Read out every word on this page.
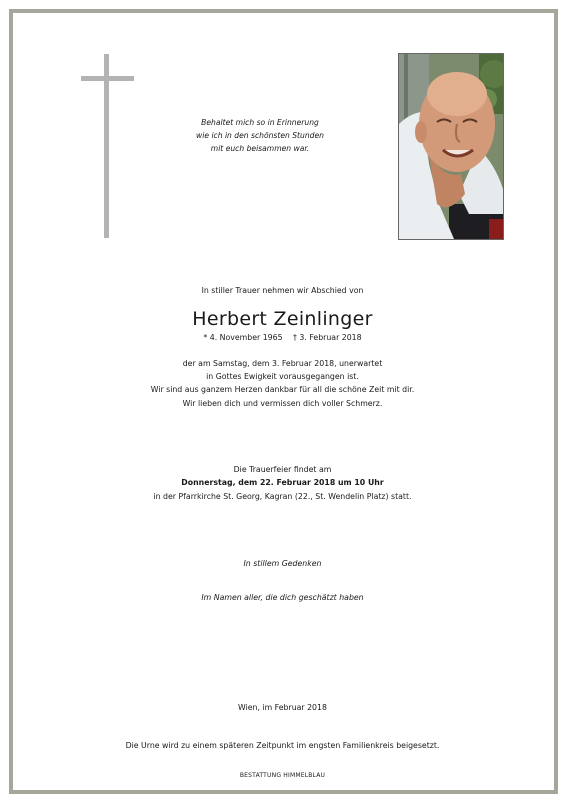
Behaltet mich so in Erinnerung
wie ich in den schönsten Stunden
mit euch beisammen war.
In stiller Trauer nehmen wir Abschied von
Herbert Zeinlinger
* 4. November 1965 † 3. Februar 2018
der am Samstag, dem 3. Februar 2018, unerwartet
in Gottes Ewigkeit vorausgegangen ist.
Wir sind aus ganzem Herzen dankbar für all die schöne Zeit mit dir.
Wir lieben dich und vermissen dich voller Schmerz.
Die Trauerfeier findet am
Donnerstag, dem 22. Februar 2018 um 10 Uhr
in der Pfarrkirche St. Georg, Kagran (22., St. Wendelin Platz) statt.
In stillem Gedenken
Im Namen aller, die dich geschätzt haben
Wien, im Februar 2018
Die Urne wird zu einem späteren Zeitpunkt im engsten Familienkreis beigesetzt.
BESTATTUNG HIMMELBLAU
